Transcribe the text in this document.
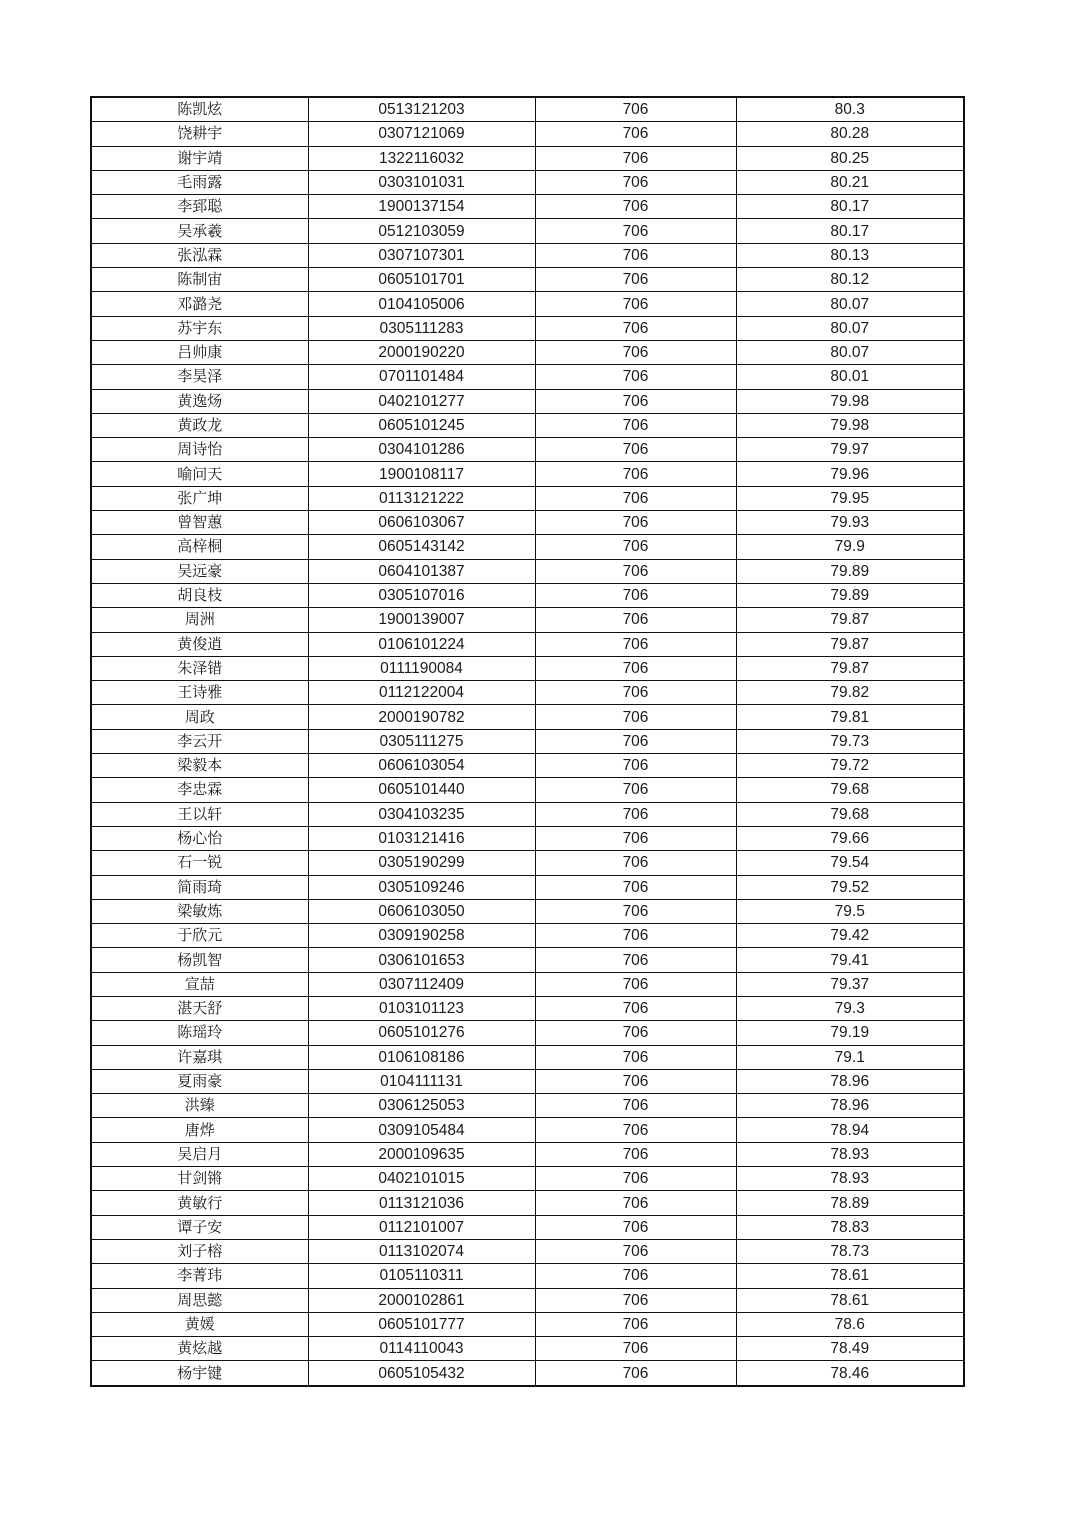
陈凯炫	0513121203	706	80.3
饶耕宇	0307121069	706	80.28
谢宇靖	1322116032	706	80.25
毛雨露	0303101031	706	80.21
李郅聪	1900137154	706	80.17
吴承羲	0512103059	706	80.17
张泓霖	0307107301	706	80.13
陈制宙	0605101701	706	80.12
邓潞尧	0104105006	706	80.07
苏宇东	0305111283	706	80.07
吕帅康	2000190220	706	80.07
李昊泽	0701101484	706	80.01
黄逸炀	0402101277	706	79.98
黄政龙	0605101245	706	79.98
周诗怡	0304101286	706	79.97
喻问天	1900108117	706	79.96
张广坤	0113121222	706	79.95
曾智蕙	0606103067	706	79.93
高梓桐	0605143142	706	79.9
吴远豪	0604101387	706	79.89
胡良枝	0305107016	706	79.89
周洲	1900139007	706	79.87
黄俊逍	0106101224	706	79.87
朱泽错	0111190084	706	79.87
王诗雅	0112122004	706	79.82
周政	2000190782	706	79.81
李云开	0305111275	706	79.73
梁毅本	0606103054	706	79.72
李忠霖	0605101440	706	79.68
王以轩	0304103235	706	79.68
杨心怡	0103121416	706	79.66
石一锐	0305190299	706	79.54
简雨琦	0305109246	706	79.52
梁敏炼	0606103050	706	79.5
于欣元	0309190258	706	79.42
杨凯智	0306101653	706	79.41
宣喆	0307112409	706	79.37
湛天舒	0103101123	706	79.3
陈瑶玲	0605101276	706	79.19
许嘉琪	0106108186	706	79.1
夏雨豪	0104111131	706	78.96
洪臻	0306125053	706	78.96
唐烨	0309105484	706	78.94
吴启月	2000109635	706	78.93
甘剑锵	0402101015	706	78.93
黄敏行	0113121036	706	78.89
谭子安	0112101007	706	78.83
刘子榕	0113102074	706	78.73
李菁玮	0105110311	706	78.61
周思懿	2000102861	706	78.61
黄媛	0605101777	706	78.6
黄炫越	0114110043	706	78.49
杨宇键	0605105432	706	78.46
